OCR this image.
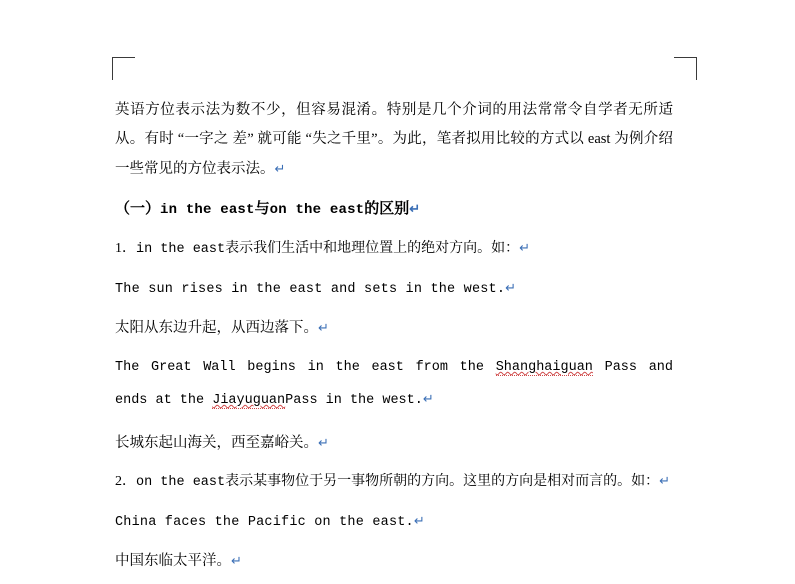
英语方位表示法为数不少，但容易混淆。特别是几个介词的用法常常令自学者无所适从。有时 “一字之 差” 就可能 “失之千里”。为此，笔者拟用比较的方式以 east 为例介绍一些常见的方位表示法。↵

（一）in the east与on the east的区别↵

1．in the east表示我们生活中和地理位置上的绝对方向。如：↵

The sun rises in the east and sets in the west.↵

太阳从东边升起，从西边落下。↵

The Great Wall begins in the east from the Shanghaiguan Pass and ends at the JiayuguanPass in the west.↵

长城东起山海关，西至嘉峪关。↵

2．on the east表示某事物位于另一事物所朝的方向。这里的方向是相对而言的。如：↵

China faces the Pacific on the east.↵

中国东临太平洋。↵
